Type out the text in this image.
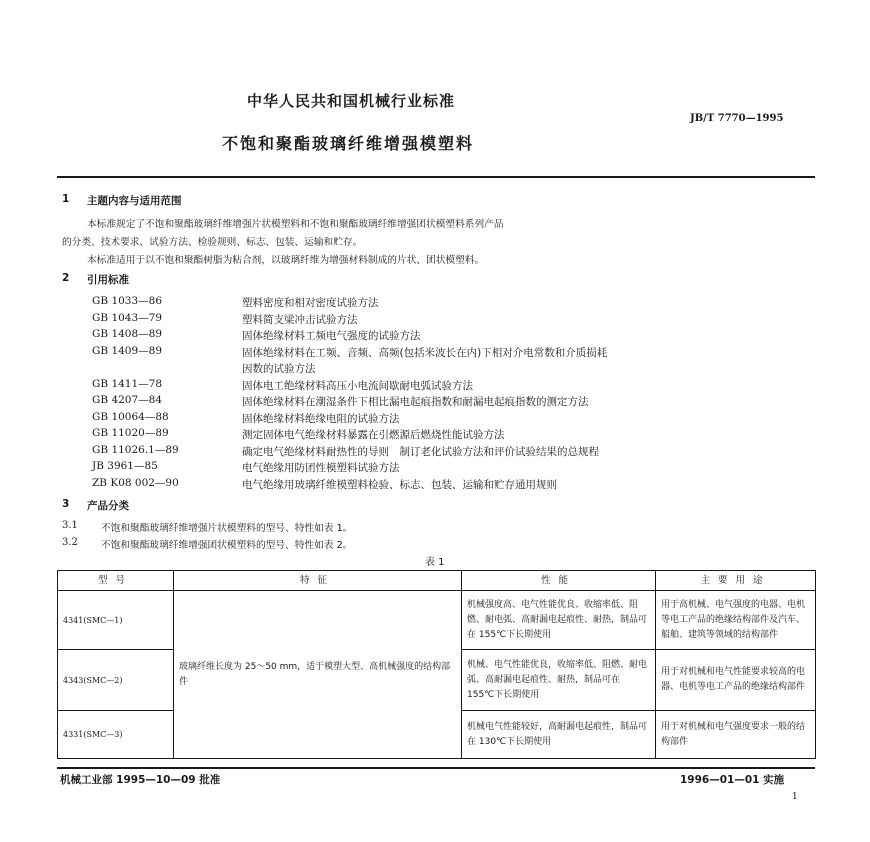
中华人民共和国机械行业标准
JB/T 7770—1995
不饱和聚酯玻璃纤维增强模塑料
1 主题内容与适用范围
本标准规定了不饱和聚酯玻璃纤维增强片状模塑料和不饱和聚酯玻璃纤维增强团状模塑料系列产品
的分类、技术要求、试验方法、检验规则、标志、包装、运输和贮存。
本标准适用于以不饱和聚酯树脂为粘合剂，以玻璃纤维为增强材料制成的片状、团状模塑料。
2 引用标准
GB 1033—86	塑料密度和相对密度试验方法
GB 1043—79	塑料简支梁冲击试验方法
GB 1408—89	固体绝缘材料工频电气强度的试验方法
GB 1409—89	固体绝缘材料在工频、音频、高频(包括米波长在内)下相对介电常数和介质损耗
因数的试验方法
GB 1411—78	固体电工绝缘材料高压小电流间歇耐电弧试验方法
GB 4207—84	固体绝缘材料在潮湿条件下相比漏电起痕指数和耐漏电起痕指数的测定方法
GB 10064—88	固体绝缘材料绝缘电阻的试验方法
GB 11020—89	测定固体电气绝缘材料暴露在引燃源后燃烧性能试验方法
GB 11026.1—89	确定电气绝缘材料耐热性的导则　制订老化试验方法和评价试验结果的总规程
JB 3961—85	电气绝缘用防团性模塑料试验方法
ZB K08 002—90	电气绝缘用玻璃纤维模塑料检验、标志、包装、运输和贮存通用规则
3 产品分类
3.1 不饱和聚酯玻璃纤维增强片状模塑料的型号、特性如表 1。
3.2 不饱和聚酯玻璃纤维增强团状模塑料的型号、特性如表 2。
表 1
型号	特征	性能	主要用途
4341(SMC—1)	玻璃纤维长度为 25～50 mm，适于模塑大型、高机械强度的结构部件	机械强度高、电气性能优良、收缩率低、阻燃、耐电弧、高耐漏电起痕性、耐热，制品可在 155℃下长期使用	用于高机械、电气强度的电器、电机等电工产品的绝缘结构部件及汽车、船舶、建筑等领域的结构部件
4343(SMC—2)		机械、电气性能优良，收缩率低、阻燃、耐电弧、高耐漏电起痕性、耐热，制品可在 155℃下长期使用	用于对机械和电气性能要求较高的电器、电机等电工产品的绝缘结构部件
4331(SMC—3)		机械电气性能较好，高耐漏电起痕性，制品可在 130℃下长期使用	用于对机械和电气强度要求一般的结构部件
机械工业部 1995—10—09 批准	1996—01—01 实施
1
